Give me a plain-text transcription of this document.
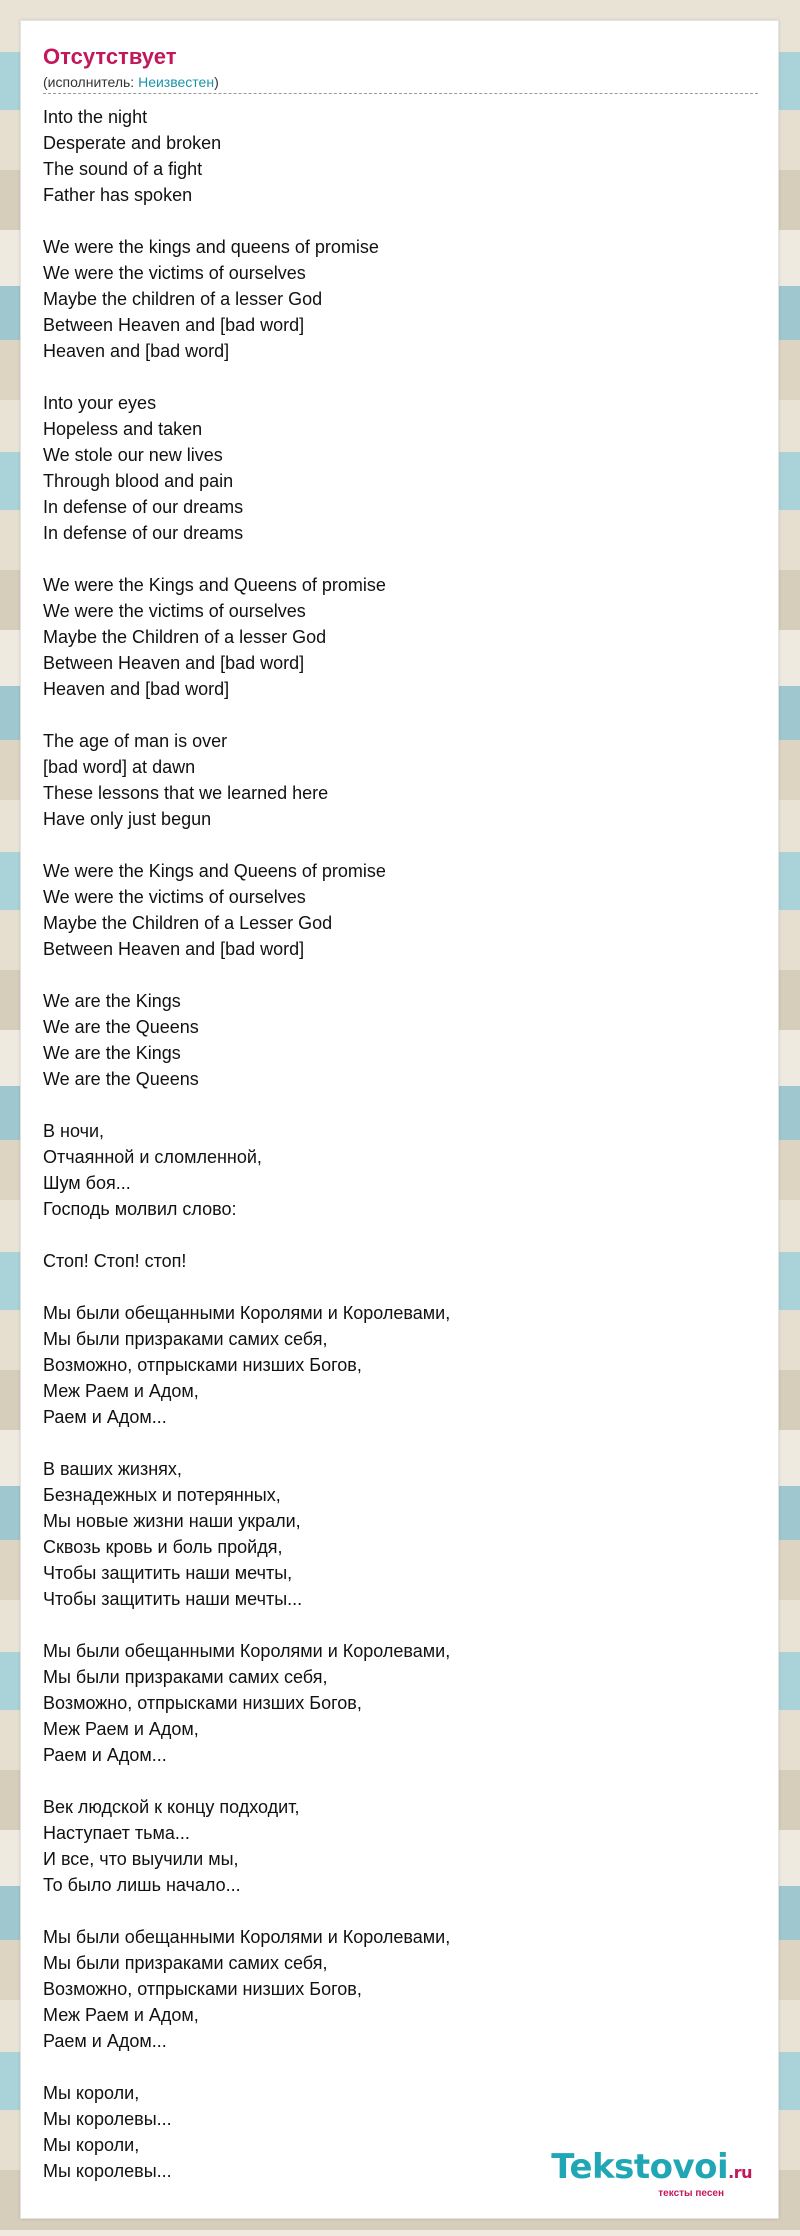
Отсутствует
(исполнитель: Неизвестен)
Into the night
Desperate and broken
The sound of a fight
Father has spoken
We were the kings and queens of promise
We were the victims of ourselves
Maybe the children of a lesser God
Between Heaven and [bad word]
Heaven and [bad word]
Into your eyes
Hopeless and taken
We stole our new lives
Through blood and pain
In defense of our dreams
In defense of our dreams
We were the Kings and Queens of promise
We were the victims of ourselves
Maybe the Children of a lesser God
Between Heaven and [bad word]
Heaven and [bad word]
The age of man is over
[bad word] at dawn
These lessons that we learned here
Have only just begun
We were the Kings and Queens of promise
We were the victims of ourselves
Maybe the Children of a Lesser God
Between Heaven and [bad word]
We are the Kings
We are the Queens
We are the Kings
We are the Queens
В ночи,
Отчаянной и сломленной,
Шум боя...
Господь молвил слово:
Стоп! Стоп! стоп!
Мы были обещанными Королями и Королевами,
Мы были призраками самих себя,
Возможно, отпрысками низших Богов,
Меж Раем и Адом,
Раем и Адом...
В ваших жизнях,
Безнадежных и потерянных,
Мы новые жизни наши украли,
Сквозь кровь и боль пройдя,
Чтобы защитить наши мечты,
Чтобы защитить наши мечты...
Мы были обещанными Королями и Королевами,
Мы были призраками самих себя,
Возможно, отпрысками низших Богов,
Меж Раем и Адом,
Раем и Адом...
Век людской к концу подходит,
Наступает тьма...
И все, что выучили мы,
То было лишь начало...
Мы были обещанными Королями и Королевами,
Мы были призраками самих себя,
Возможно, отпрысками низших Богов,
Меж Раем и Адом,
Раем и Адом...
Мы короли,
Мы королевы...
Мы короли,
Мы королевы...	Tekstovoi.ru
тексты песен
